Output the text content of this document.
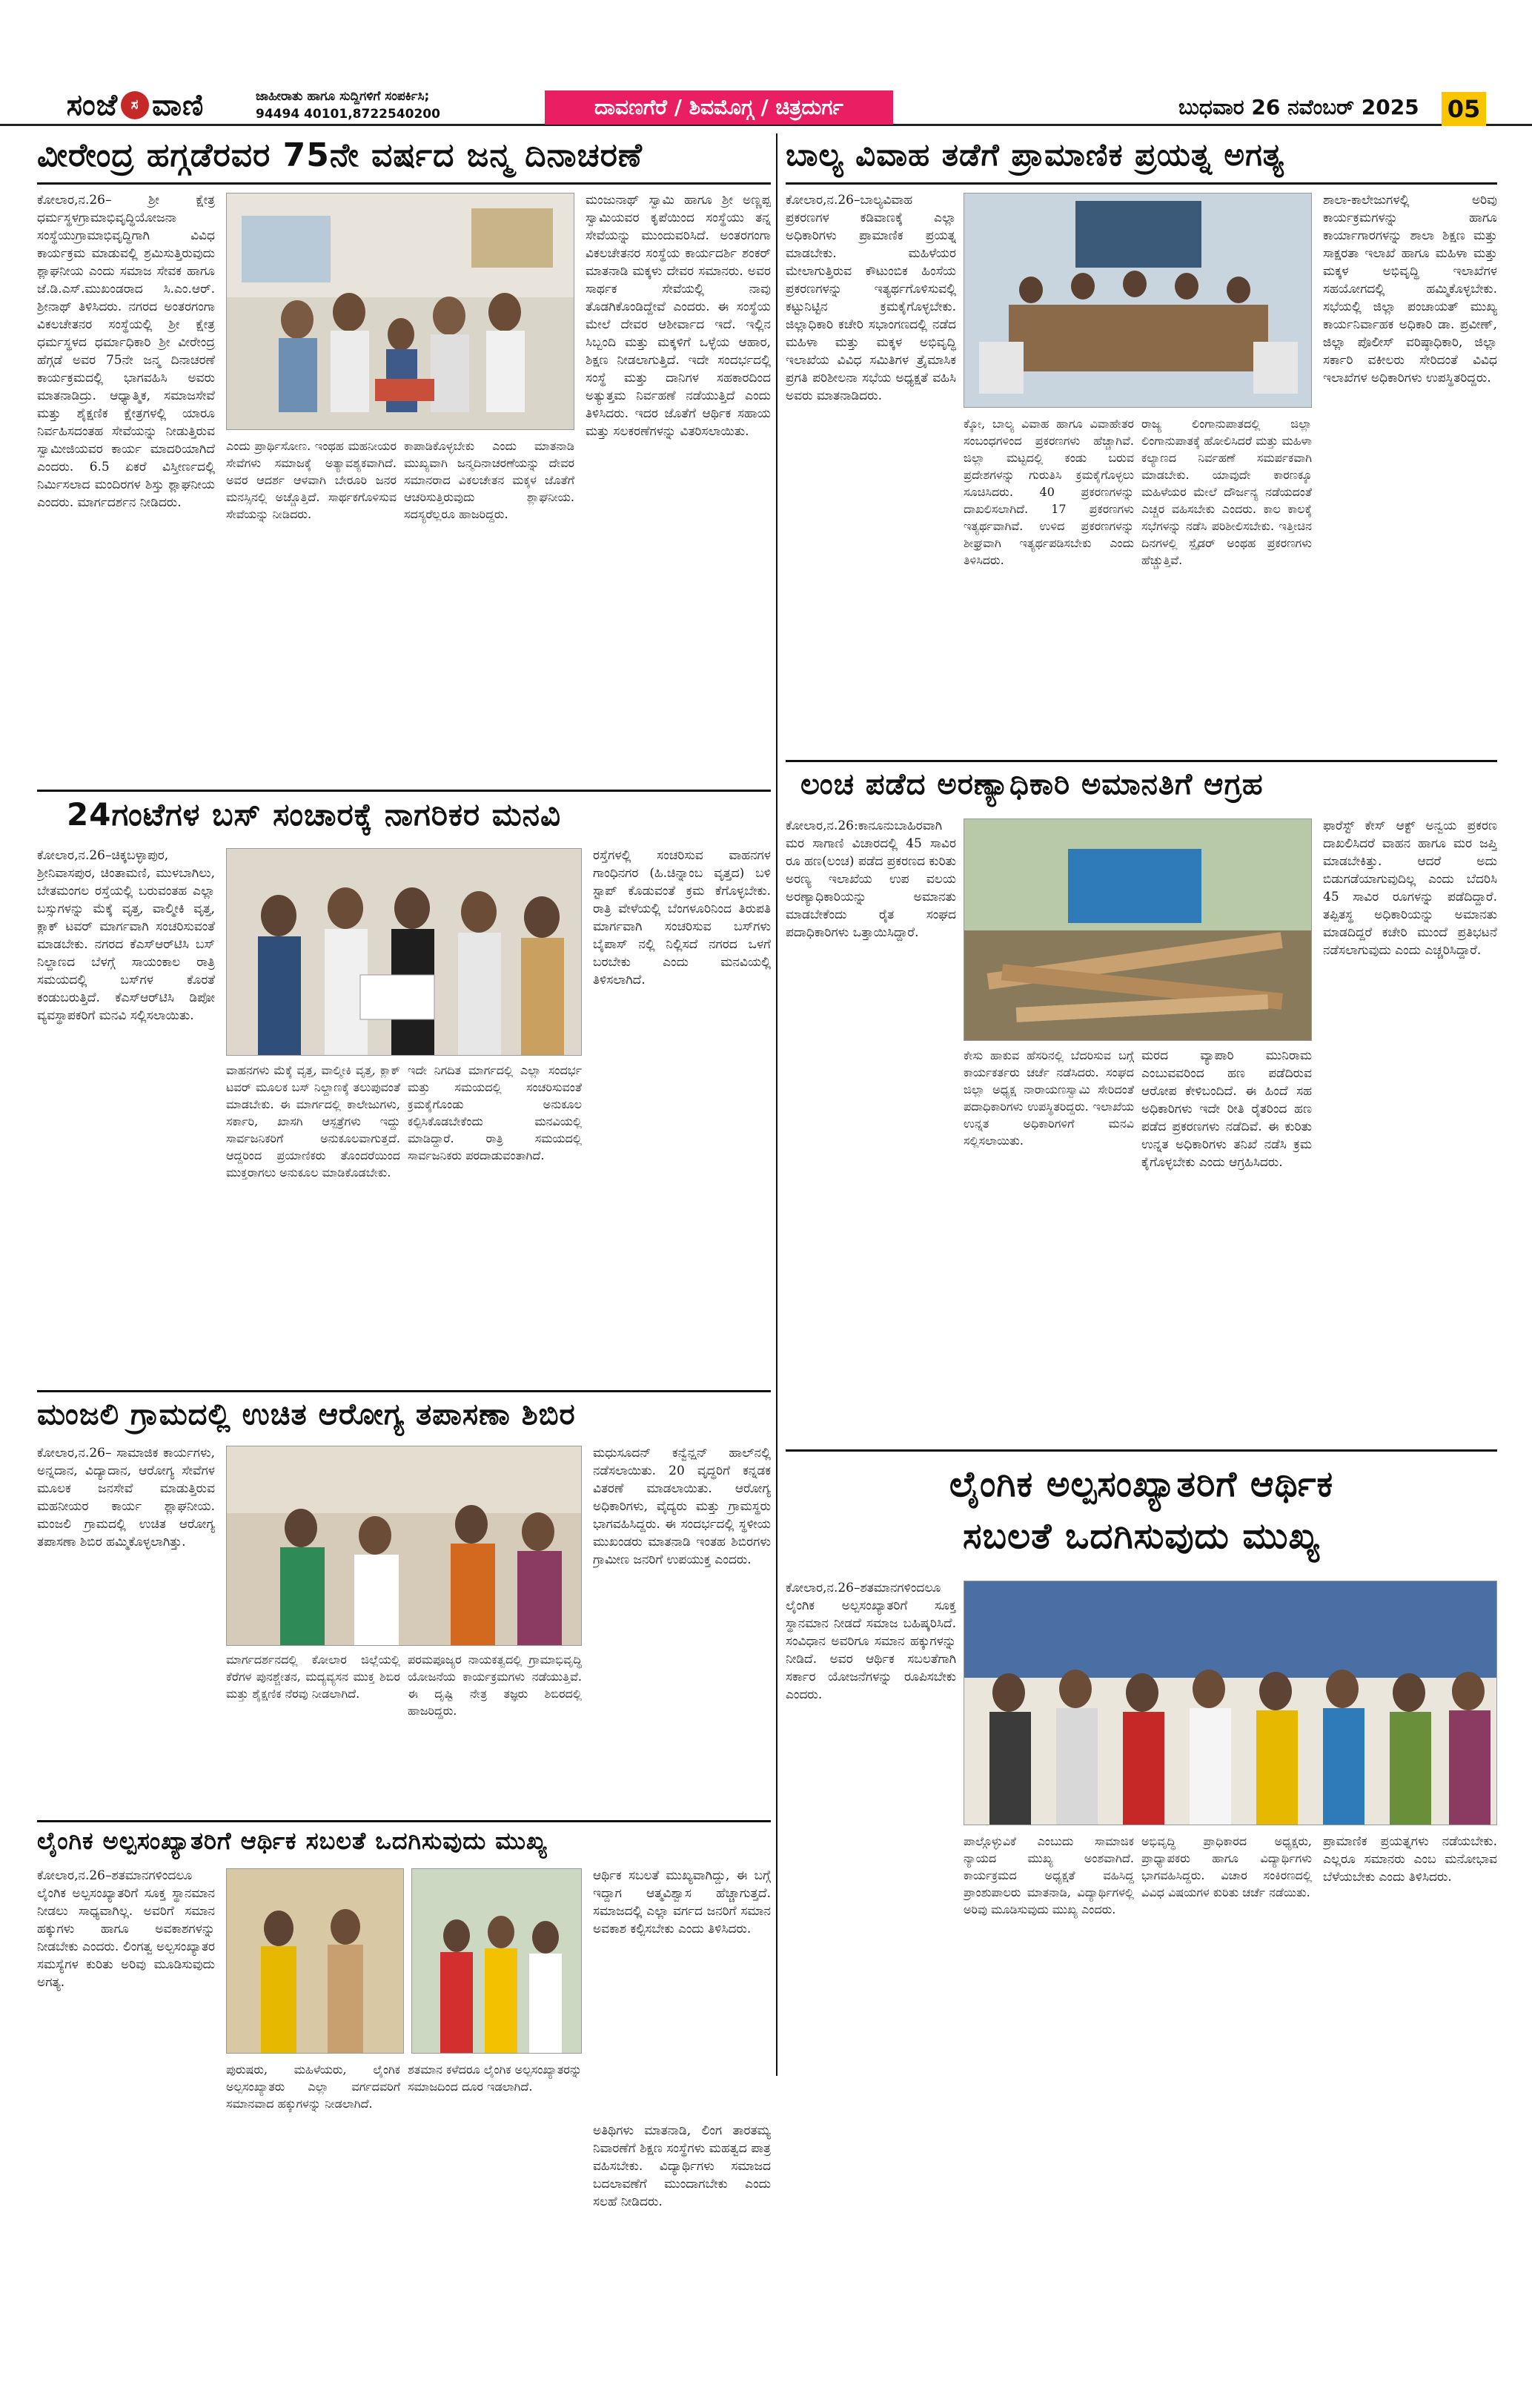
ಸಂಜೆ ಸ ವಾಣಿ	ಜಾಹೀರಾತು ಹಾಗೂ ಸುದ್ದಿಗಳಿಗೆ ಸಂಪರ್ಕಿಸಿ;
94494 40101,8722540200	ದಾವಣಗೆರೆ / ಶಿವಮೊಗ್ಗ / ಚಿತ್ರದುರ್ಗ	ಬುಧವಾರ 26 ನವೆಂಬರ್ 2025 05
ವೀರೇಂದ್ರ ಹಗ್ಗಡೆರವರ 75ನೇ ವರ್ಷದ ಜನ್ಮ ದಿನಾಚರಣೆ
ಕೋಲಾರ,ನ.26– ಶ್ರೀ ಕ್ಷೇತ್ರ ಧರ್ಮಸ್ಥಳಗ್ರಾಮಾಭಿವೃದ್ಧಿಯೋಜನಾ ಸಂಸ್ಥೆಯುಗ್ರಾಮಾಭಿವೃದ್ಧಿಗಾಗಿ ವಿವಿಧ ಕಾರ್ಯಕ್ರಮ ಮಾಡುವಲ್ಲಿ ಶ್ರಮಿಸುತ್ತಿರುವುದು ಶ್ಲಾಘನೀಯ ಎಂದು ಸಮಾಜ ಸೇವಕ ಹಾಗೂ ಜೆ.ಡಿ.ಎಸ್.ಮುಖಂಡರಾದ ಸಿ.ಎಂ.ಆರ್. ಶ್ರೀನಾಥ್ ತಿಳಿಸಿದರು. ನಗರದ ಅಂತರಗಂಗಾ ವಿಕಲಚೇತನರ ಸಂಸ್ಥೆಯಲ್ಲಿ ಶ್ರೀ ಕ್ಷೇತ್ರ ಧರ್ಮಸ್ಥಳದ ಧರ್ಮಾಧಿಕಾರಿ ಶ್ರೀ ವೀರೇಂದ್ರ ಹೆಗ್ಗಡೆ ಅವರ 75ನೇ ಜನ್ಮ ದಿನಾಚರಣೆ ಕಾರ್ಯಕ್ರಮದಲ್ಲಿ ಭಾಗವಹಿಸಿ ಅವರು ಮಾತನಾಡಿದ್ರು. ಆಧ್ಯಾತ್ಮಿಕ, ಸಮಾಜಸೇವೆ ಮತ್ತು ಶೈಕ್ಷಣಿಕ ಕ್ಷೇತ್ರಗಳಲ್ಲಿ ಯಾರೂ ನಿರ್ವಹಿಸದಂತಹ ಸೇವೆಯನ್ನು ನೀಡುತ್ತಿರುವ ಸ್ವಾಮೀಜಿಯವರ ಕಾರ್ಯ ಮಾದರಿಯಾಗಿದೆ ಎಂದರು. 6.5 ಏಕರೆ ವಿಸ್ತೀರ್ಣದಲ್ಲಿ ನಿರ್ಮಿಸಲಾದ ಮಂದಿರಗಳ ಶಿಸ್ತು ಶ್ಲಾಘನೀಯ ಎಂದರು. ಮಾರ್ಗದರ್ಶನ ನೀಡಿದರು.
ಎಂದು ಪ್ರಾರ್ಥಿಸೋಣ. ಇಂಥಹ ಮಹನೀಯರ ಸೇವೆಗಳು ಸಮಾಜಕ್ಕೆ ಅತ್ಯಾವಶ್ಯಕವಾಗಿದೆ. ಅವರ ಆದರ್ಶ ಆಳವಾಗಿ ಬೇರೂರಿ ಜನರ ಮನಸ್ಸಿನಲ್ಲಿ ಅಚ್ಚೊತ್ತಿದೆ. ಸಾರ್ಥಕಗೊಳಿಸುವ ಸೇವೆಯನ್ನು ನೀಡಿದರು.
ಕಾಪಾಡಿಕೊಳ್ಳಬೇಕು ಎಂದು ಮಾತನಾಡಿ ಮುಖ್ಯವಾಗಿ ಜನ್ಮದಿನಾಚರಣೆಯನ್ನು ದೇವರ ಸಮಾನರಾದ ವಿಕಲಚೇತನ ಮಕ್ಕಳ ಜೊತೆಗೆ ಆಚರಿಸುತ್ತಿರುವುದು ಶ್ಲಾಘನೀಯ. ಸದಸ್ಯರೆಲ್ಲರೂ ಹಾಜರಿದ್ದರು.
ಮಂಜುನಾಥ್ ಸ್ವಾಮಿ ಹಾಗೂ ಶ್ರೀ ಅಣ್ಣಪ್ಪ ಸ್ವಾಮಿಯವರ ಕೃಪೆಯಿಂದ ಸಂಸ್ಥೆಯು ತನ್ನ ಸೇವೆಯನ್ನು ಮುಂದುವರಿಸಿದೆ. ಅಂತರಗಂಗಾ ವಿಕಲಚೇತನರ ಸಂಸ್ಥೆಯ ಕಾರ್ಯದರ್ಶಿ ಶಂಕರ್ ಮಾತನಾಡಿ ಮಕ್ಕಳು ದೇವರ ಸಮಾನರು. ಅವರ ಸಾರ್ಥಕ ಸೇವೆಯಲ್ಲಿ ನಾವು ತೊಡಗಿಕೊಂಡಿದ್ದೇವೆ ಎಂದರು. ಈ ಸಂಸ್ಥೆಯ ಮೇಲೆ ದೇವರ ಆಶೀರ್ವಾದ ಇದೆ. ಇಲ್ಲಿನ ಸಿಬ್ಬಂದಿ ಮತ್ತು ಮಕ್ಕಳಿಗೆ ಒಳ್ಳೆಯ ಆಹಾರ, ಶಿಕ್ಷಣ ನೀಡಲಾಗುತ್ತಿದೆ. ಇದೇ ಸಂದರ್ಭದಲ್ಲಿ ಸಂಸ್ಥೆ ಮತ್ತು ದಾನಿಗಳ ಸಹಕಾರದಿಂದ ಅತ್ಯುತ್ತಮ ನಿರ್ವಹಣೆ ನಡೆಯುತ್ತಿದೆ ಎಂದು ತಿಳಿಸಿದರು. ಇದರ ಜೊತೆಗೆ ಆರ್ಥಿಕ ಸಹಾಯ ಮತ್ತು ಸಲಕರಣೆಗಳನ್ನು ವಿತರಿಸಲಾಯಿತು.
ಬಾಲ್ಯ ವಿವಾಹ ತಡೆಗೆ ಪ್ರಾಮಾಣಿಕ ಪ್ರಯತ್ನ ಅಗತ್ಯ
ಕೋಲಾರ,ನ.26–ಬಾಲ್ಯವಿವಾಹ ಪ್ರಕರಣಗಳ ಕಡಿವಾಣಕ್ಕೆ ಎಲ್ಲಾ ಅಧಿಕಾರಿಗಳು ಪ್ರಾಮಾಣಿಕ ಪ್ರಯತ್ನ ಮಾಡಬೇಕು. ಮಹಿಳೆಯರ ಮೇಲಾಗುತ್ತಿರುವ ಕೌಟುಂಬಿಕ ಹಿಂಸೆಯ ಪ್ರಕರಣಗಳನ್ನು ಇತ್ಯರ್ಥಗೊಳಿಸುವಲ್ಲಿ ಕಟ್ಟುನಿಟ್ಟಿನ ಕ್ರಮಕೈಗೊಳ್ಳಬೇಕು. ಜಿಲ್ಲಾಧಿಕಾರಿ ಕಚೇರಿ ಸಭಾಂಗಣದಲ್ಲಿ ನಡೆದ ಮಹಿಳಾ ಮತ್ತು ಮಕ್ಕಳ ಅಭಿವೃದ್ಧಿ ಇಲಾಖೆಯ ವಿವಿಧ ಸಮಿತಿಗಳ ತ್ರೈಮಾಸಿಕ ಪ್ರಗತಿ ಪರಿಶೀಲನಾ ಸಭೆಯ ಅಧ್ಯಕ್ಷತೆ ವಹಿಸಿ ಅವರು ಮಾತನಾಡಿದರು.
ಕ್ಕೋ, ಬಾಲ್ಯ ವಿವಾಹ ಹಾಗೂ ವಿವಾಹೇತರ ಸಂಬಂಧಗಳಿಂದ ಪ್ರಕರಣಗಳು ಹೆಚ್ಚಾಗಿವೆ. ಜಿಲ್ಲಾ ಮಟ್ಟದಲ್ಲಿ ಕಂಡು ಬರುವ ಪ್ರದೇಶಗಳನ್ನು ಗುರುತಿಸಿ ಕ್ರಮಕೈಗೊಳ್ಳಲು ಸೂಚಿಸಿದರು. 40 ಪ್ರಕರಣಗಳನ್ನು ದಾಖಲಿಸಲಾಗಿದೆ. 17 ಪ್ರಕರಣಗಳು ಇತ್ಯರ್ಥವಾಗಿವೆ. ಉಳಿದ ಪ್ರಕರಣಗಳನ್ನು ಶೀಘ್ರವಾಗಿ ಇತ್ಯರ್ಥಪಡಿಸಬೇಕು ಎಂದು ತಿಳಿಸಿದರು.
ರಾಜ್ಯ ಲಿಂಗಾನುಪಾತದಲ್ಲಿ ಜಿಲ್ಲಾ ಲಿಂಗಾನುಪಾತಕ್ಕೆ ಹೋಲಿಸಿದರೆ ಮತ್ತು ಮಹಿಳಾ ಕಲ್ಯಾಣದ ನಿರ್ವಹಣೆ ಸಮರ್ಪಕವಾಗಿ ಮಾಡಬೇಕು. ಯಾವುದೇ ಕಾರಣಕ್ಕೂ ಮಹಿಳೆಯರ ಮೇಲೆ ದೌರ್ಜನ್ಯ ನಡೆಯದಂತೆ ಎಚ್ಚರ ವಹಿಸಬೇಕು ಎಂದರು. ಕಾಲ ಕಾಲಕ್ಕೆ ಸಭೆಗಳನ್ನು ನಡೆಸಿ ಪರಿಶೀಲಿಸಬೇಕು. ಇತ್ತೀಚಿನ ದಿನಗಳಲ್ಲಿ ಸ್ಪೈಡರ್ ಅಂಥಹ ಪ್ರಕರಣಗಳು ಹೆಚ್ಚುತ್ತಿವೆ.
ಶಾಲಾ-ಕಾಲೇಜುಗಳಲ್ಲಿ ಅರಿವು ಕಾರ್ಯಕ್ರಮಗಳನ್ನು ಹಾಗೂ ಕಾರ್ಯಾಗಾರಗಳನ್ನು ಶಾಲಾ ಶಿಕ್ಷಣ ಮತ್ತು ಸಾಕ್ಷರತಾ ಇಲಾಖೆ ಹಾಗೂ ಮಹಿಳಾ ಮತ್ತು ಮಕ್ಕಳ ಅಭಿವೃದ್ಧಿ ಇಲಾಖೆಗಳ ಸಹಯೋಗದಲ್ಲಿ ಹಮ್ಮಿಕೊಳ್ಳಬೇಕು. ಸಭೆಯಲ್ಲಿ ಜಿಲ್ಲಾ ಪಂಚಾಯತ್ ಮುಖ್ಯ ಕಾರ್ಯನಿರ್ವಾಹಕ ಅಧಿಕಾರಿ ಡಾ. ಪ್ರವೀಣ್, ಜಿಲ್ಲಾ ಪೊಲೀಸ್ ವರಿಷ್ಠಾಧಿಕಾರಿ, ಜಿಲ್ಲಾ ಸರ್ಕಾರಿ ವಕೀಲರು ಸೇರಿದಂತೆ ವಿವಿಧ ಇಲಾಖೆಗಳ ಅಧಿಕಾರಿಗಳು ಉಪಸ್ಥಿತರಿದ್ದರು.
24ಗಂಟೆಗಳ ಬಸ್ ಸಂಚಾರಕ್ಕೆ ನಾಗರಿಕರ ಮನವಿ
ಕೋಲಾರ,ನ.26–ಚಿಕ್ಕಬಳ್ಳಾಪುರ, ಶ್ರೀನಿವಾಸಪುರ, ಚಿಂತಾಮಣಿ, ಮುಳಬಾಗಿಲು, ಬೇತಮಂಗಲ ರಸ್ತೆಯಲ್ಲಿ ಬರುವಂತಹ ಎಲ್ಲಾ ಬಸ್ಸುಗಳನ್ನು ಮೆಕ್ಕೆ ವೃತ್ತ, ವಾಲ್ಮೀಕಿ ವೃತ್ತ, ಕ್ಲಾಕ್ ಟವರ್ ಮಾರ್ಗವಾಗಿ ಸಂಚರಿಸುವಂತೆ ಮಾಡಬೇಕು. ನಗರದ ಕೆಎಸ್ಆರ್‌ಟಿಸಿ ಬಸ್ ನಿಲ್ದಾಣದ ಬೆಳಗ್ಗೆ ಸಾಯಂಕಾಲ ರಾತ್ರಿ ಸಮಯದಲ್ಲಿ ಬಸ್‌ಗಳ ಕೊರತೆ ಕಂಡುಬರುತ್ತಿದೆ. ಕೆಎಸ್ಆರ್‌ಟಿಸಿ ಡಿಪೋ ವ್ಯವಸ್ಥಾಪಕರಿಗೆ ಮನವಿ ಸಲ್ಲಿಸಲಾಯಿತು.
ವಾಹನಗಳು ಮೆಕ್ಕೆ ವೃತ್ತ, ವಾಲ್ಮೀಕಿ ವೃತ್ತ, ಕ್ಲಾಕ್ ಟವರ್ ಮೂಲಕ ಬಸ್ ನಿಲ್ದಾಣಕ್ಕೆ ತಲುಪುವಂತೆ ಮಾಡಬೇಕು. ಈ ಮಾರ್ಗದಲ್ಲಿ ಕಾಲೇಜುಗಳು, ಸರ್ಕಾರಿ, ಖಾಸಗಿ ಆಸ್ಪತ್ರೆಗಳು ಇದ್ದು ಸಾರ್ವಜನಿಕರಿಗೆ ಅನುಕೂಲವಾಗುತ್ತದೆ. ಆದ್ದರಿಂದ ಪ್ರಯಾಣಿಕರು ತೊಂದರೆಯಿಂದ ಮುಕ್ತರಾಗಲು ಅನುಕೂಲ ಮಾಡಿಕೊಡಬೇಕು.
ಇದೇ ನಿಗದಿತ ಮಾರ್ಗದಲ್ಲಿ ಎಲ್ಲಾ ಸಂದರ್ಭ ಮತ್ತು ಸಮಯದಲ್ಲಿ ಸಂಚರಿಸುವಂತೆ ಕ್ರಮಕೈಗೊಂಡು ಅನುಕೂಲ ಕಲ್ಪಿಸಿಕೊಡಬೇಕೆಂದು ಮನವಿಯಲ್ಲಿ ಮಾಡಿದ್ದಾರೆ. ರಾತ್ರಿ ಸಮಯದಲ್ಲಿ ಸಾರ್ವಜನಿಕರು ಪರದಾಡುವಂತಾಗಿದೆ.
ರಸ್ತೆಗಳಲ್ಲಿ ಸಂಚರಿಸುವ ವಾಹನಗಳ ಗಾಂಧಿನಗರ (ಹಿ.ಚಿನ್ನಾಂಬ ವೃತ್ತದ) ಬಳಿ ಸ್ಟಾಪ್ ಕೊಡುವಂತೆ ಕ್ರಮ ಕೆಗೊಳ್ಳಬೇಕು. ರಾತ್ರಿ ವೇಳೆಯಲ್ಲಿ ಬೆಂಗಳೂರಿನಿಂದ ತಿರುಪತಿ ಮಾರ್ಗವಾಗಿ ಸಂಚರಿಸುವ ಬಸ್‌ಗಳು ಬೈಪಾಸ್ ನಲ್ಲಿ ನಿಲ್ಲಿಸದೆ ನಗರದ ಒಳಗೆ ಬರಬೇಕು ಎಂದು ಮನವಿಯಲ್ಲಿ ತಿಳಿಸಲಾಗಿದೆ.
ಲಂಚ ಪಡೆದ ಅರಣ್ಯಾಧಿಕಾರಿ ಅಮಾನತಿಗೆ ಆಗ್ರಹ
ಕೋಲಾರ,ನ.26:ಕಾನೂನುಬಾಹಿರವಾಗಿ ಮರ ಸಾಗಾಣಿ ವಿಚಾರದಲ್ಲಿ 45 ಸಾವಿರ ರೂ ಹಣ(ಲಂಚ) ಪಡೆದ ಪ್ರಕರಣದ ಕುರಿತು ಅರಣ್ಯ ಇಲಾಖೆಯ ಉಪ ವಲಯ ಅರಣ್ಯಾಧಿಕಾರಿಯನ್ನು ಅಮಾನತು ಮಾಡಬೇಕೆಂದು ರೈತ ಸಂಘದ ಪದಾಧಿಕಾರಿಗಳು ಒತ್ತಾಯಿಸಿದ್ದಾರೆ.
ಕೇಸು ಹಾಕುವ ಹೆಸರಿನಲ್ಲಿ ಬೆದರಿಸುವ ಬಗ್ಗೆ ಕಾರ್ಯಕರ್ತರು ಚರ್ಚೆ ನಡೆಸಿದರು. ಸಂಘದ ಜಿಲ್ಲಾ ಅಧ್ಯಕ್ಷ ನಾರಾಯಣಸ್ವಾಮಿ ಸೇರಿದಂತೆ ಪದಾಧಿಕಾರಿಗಳು ಉಪಸ್ಥಿತರಿದ್ದರು. ಇಲಾಖೆಯ ಉನ್ನತ ಅಧಿಕಾರಿಗಳಿಗೆ ಮನವಿ ಸಲ್ಲಿಸಲಾಯಿತು.
ಮರದ ವ್ಯಾಪಾರಿ ಮುನಿರಾಮ ಎಂಬುವವರಿಂದ ಹಣ ಪಡೆದಿರುವ ಆರೋಪ ಕೇಳಿಬಂದಿದೆ. ಈ ಹಿಂದೆ ಸಹ ಅಧಿಕಾರಿಗಳು ಇದೇ ರೀತಿ ರೈತರಿಂದ ಹಣ ಪಡೆದ ಪ್ರಕರಣಗಳು ನಡೆದಿವೆ. ಈ ಕುರಿತು ಉನ್ನತ ಅಧಿಕಾರಿಗಳು ತನಿಖೆ ನಡೆಸಿ ಕ್ರಮ ಕೈಗೊಳ್ಳಬೇಕು ಎಂದು ಆಗ್ರಹಿಸಿದರು.
ಫಾರೆಸ್ಟ್ ಕೇಸ್ ಆಕ್ಟ್ ಅನ್ವಯ ಪ್ರಕರಣ ದಾಖಲಿಸಿದರೆ ವಾಹನ ಹಾಗೂ ಮರ ಜಪ್ತಿ ಮಾಡಬೇಕಿತ್ತು. ಆದರೆ ಅದು ಬಿಡುಗಡೆಯಾಗುವುದಿಲ್ಲ ಎಂದು ಬೆದರಿಸಿ 45 ಸಾವಿರ ರೂಗಳನ್ನು ಪಡೆದಿದ್ದಾರೆ. ತಪ್ಪಿತಸ್ಥ ಅಧಿಕಾರಿಯನ್ನು ಅಮಾನತು ಮಾಡದಿದ್ದರೆ ಕಚೇರಿ ಮುಂದೆ ಪ್ರತಿಭಟನೆ ನಡೆಸಲಾಗುವುದು ಎಂದು ಎಚ್ಚರಿಸಿದ್ದಾರೆ.
ಮಂಜಲಿ ಗ್ರಾಮದಲ್ಲಿ ಉಚಿತ ಆರೋಗ್ಯ ತಪಾಸಣಾ ಶಿಬಿರ
ಕೋಲಾರ,ನ.26– ಸಾಮಾಜಿಕ ಕಾರ್ಯಗಳು, ಅನ್ನದಾನ, ವಿದ್ಯಾದಾನ, ಆರೋಗ್ಯ ಸೇವೆಗಳ ಮೂಲಕ ಜನಸೇವೆ ಮಾಡುತ್ತಿರುವ ಮಹನೀಯರ ಕಾರ್ಯ ಶ್ಲಾಘನೀಯ. ಮಂಜಲಿ ಗ್ರಾಮದಲ್ಲಿ ಉಚಿತ ಆರೋಗ್ಯ ತಪಾಸಣಾ ಶಿಬಿರ ಹಮ್ಮಿಕೊಳ್ಳಲಾಗಿತ್ತು.
ಮಾರ್ಗದರ್ಶನದಲ್ಲಿ ಕೋಲಾರ ಜಿಲ್ಲೆಯಲ್ಲಿ ಕೆರೆಗಳ ಪುನಶ್ಚೇತನ, ಮದ್ಯವ್ಯಸನ ಮುಕ್ತ ಶಿಬಿರ ಮತ್ತು ಶೈಕ್ಷಣಿಕ ನೆರವು ನೀಡಲಾಗಿದೆ.
ಪರಮಪೂಜ್ಯರ ನಾಯಕತ್ವದಲ್ಲಿ ಗ್ರಾಮಾಭಿವೃದ್ಧಿ ಯೋಜನೆಯ ಕಾರ್ಯಕ್ರಮಗಳು ನಡೆಯುತ್ತಿವೆ. ಈ ದೃಷ್ಟಿ ನೇತ್ರ ತಜ್ಞರು ಶಿಬಿರದಲ್ಲಿ ಹಾಜರಿದ್ದರು.
ಮಧುಸೂದನ್ ಕನ್ವೆನ್ಷನ್ ಹಾಲ್‌ನಲ್ಲಿ ನಡೆಸಲಾಯಿತು. 20 ವೃದ್ಧರಿಗೆ ಕನ್ನಡಕ ವಿತರಣೆ ಮಾಡಲಾಯಿತು. ಆರೋಗ್ಯ ಅಧಿಕಾರಿಗಳು, ವೈದ್ಯರು ಮತ್ತು ಗ್ರಾಮಸ್ಥರು ಭಾಗವಹಿಸಿದ್ದರು. ಈ ಸಂದರ್ಭದಲ್ಲಿ ಸ್ಥಳೀಯ ಮುಖಂಡರು ಮಾತನಾಡಿ ಇಂತಹ ಶಿಬಿರಗಳು ಗ್ರಾಮೀಣ ಜನರಿಗೆ ಉಪಯುಕ್ತ ಎಂದರು.
ಲೈಂಗಿಕ ಅಲ್ಪಸಂಖ್ಯಾತರಿಗೆ ಆರ್ಥಿಕ ಸಬಲತೆ ಒದಗಿಸುವುದು ಮುಖ್ಯ
ಕೋಲಾರ,ನ.26–ಶತಮಾನಗಳಿಂದಲೂ ಲೈಂಗಿಕ ಅಲ್ಪಸಂಖ್ಯಾತರಿಗೆ ಸೂಕ್ತ ಸ್ಥಾನಮಾನ ನೀಡಲು ಸಾಧ್ಯವಾಗಿಲ್ಲ. ಅವರಿಗೆ ಸಮಾನ ಹಕ್ಕುಗಳು ಹಾಗೂ ಅವಕಾಶಗಳನ್ನು ನೀಡಬೇಕು ಎಂದರು. ಲಿಂಗತ್ವ ಅಲ್ಪಸಂಖ್ಯಾತರ ಸಮಸ್ಯೆಗಳ ಕುರಿತು ಅರಿವು ಮೂಡಿಸುವುದು ಅಗತ್ಯ.
ಪುರುಷರು, ಮಹಿಳೆಯರು, ಲೈಂಗಿಕ ಅಲ್ಪಸಂಖ್ಯಾತರು ಎಲ್ಲಾ ವರ್ಗದವರಿಗೆ ಸಮಾನವಾದ ಹಕ್ಕುಗಳನ್ನು ನೀಡಲಾಗಿದೆ.
ಶತಮಾನ ಕಳೆದರೂ ಲೈಂಗಿಕ ಅಲ್ಪಸಂಖ್ಯಾತರನ್ನು ಸಮಾಜದಿಂದ ದೂರ ಇಡಲಾಗಿದೆ.
ಆರ್ಥಿಕ ಸಬಲತೆ ಮುಖ್ಯವಾಗಿದ್ದು, ಈ ಬಗ್ಗೆ ಇದ್ದಾಗ ಆತ್ಮವಿಶ್ವಾಸ ಹೆಚ್ಚಾಗುತ್ತದೆ. ಸಮಾಜದಲ್ಲಿ ಎಲ್ಲಾ ವರ್ಗದ ಜನರಿಗೆ ಸಮಾನ ಅವಕಾಶ ಕಲ್ಪಿಸಬೇಕು ಎಂದು ತಿಳಿಸಿದರು.
ಅತಿಥಿಗಳು ಮಾತನಾಡಿ, ಲಿಂಗ ತಾರತಮ್ಯ ನಿವಾರಣೆಗೆ ಶಿಕ್ಷಣ ಸಂಸ್ಥೆಗಳು ಮಹತ್ವದ ಪಾತ್ರ ವಹಿಸಬೇಕು. ವಿದ್ಯಾರ್ಥಿಗಳು ಸಮಾಜದ ಬದಲಾವಣೆಗೆ ಮುಂದಾಗಬೇಕು ಎಂದು ಸಲಹೆ ನೀಡಿದರು.
ಲೈಂಗಿಕ ಅಲ್ಪಸಂಖ್ಯಾತರಿಗೆ ಆರ್ಥಿಕ
ಸಬಲತೆ ಒದಗಿಸುವುದು ಮುಖ್ಯ
ಕೋಲಾರ,ನ.26–ಶತಮಾನಗಳಿಂದಲೂ ಲೈಂಗಿಕ ಅಲ್ಪಸಂಖ್ಯಾತರಿಗೆ ಸೂಕ್ತ ಸ್ಥಾನಮಾನ ನೀಡದೆ ಸಮಾಜ ಬಹಿಷ್ಕರಿಸಿದೆ. ಸಂವಿಧಾನ ಅವರಿಗೂ ಸಮಾನ ಹಕ್ಕುಗಳನ್ನು ನೀಡಿದೆ. ಅವರ ಆರ್ಥಿಕ ಸಬಲತೆಗಾಗಿ ಸರ್ಕಾರ ಯೋಜನೆಗಳನ್ನು ರೂಪಿಸಬೇಕು ಎಂದರು.
ಪಾಲ್ಗೊಳ್ಳುವಿಕೆ ಎಂಬುದು ಸಾಮಾಜಿಕ ನ್ಯಾಯದ ಮುಖ್ಯ ಅಂಶವಾಗಿದೆ. ಕಾರ್ಯಕ್ರಮದ ಅಧ್ಯಕ್ಷತೆ ವಹಿಸಿದ್ದ ಪ್ರಾಂಶುಪಾಲರು ಮಾತನಾಡಿ, ವಿದ್ಯಾರ್ಥಿಗಳಲ್ಲಿ ಅರಿವು ಮೂಡಿಸುವುದು ಮುಖ್ಯ ಎಂದರು.
ಅಭಿವೃದ್ಧಿ ಪ್ರಾಧಿಕಾರದ ಅಧ್ಯಕ್ಷರು, ಪ್ರಾಧ್ಯಾಪಕರು ಹಾಗೂ ವಿದ್ಯಾರ್ಥಿಗಳು ಭಾಗವಹಿಸಿದ್ದರು. ವಿಚಾರ ಸಂಕಿರಣದಲ್ಲಿ ವಿವಿಧ ವಿಷಯಗಳ ಕುರಿತು ಚರ್ಚೆ ನಡೆಯಿತು.
ಪ್ರಾಮಾಣಿಕ ಪ್ರಯತ್ನಗಳು ನಡೆಯಬೇಕು. ಎಲ್ಲರೂ ಸಮಾನರು ಎಂಬ ಮನೋಭಾವ ಬೆಳೆಯಬೇಕು ಎಂದು ತಿಳಿಸಿದರು.
